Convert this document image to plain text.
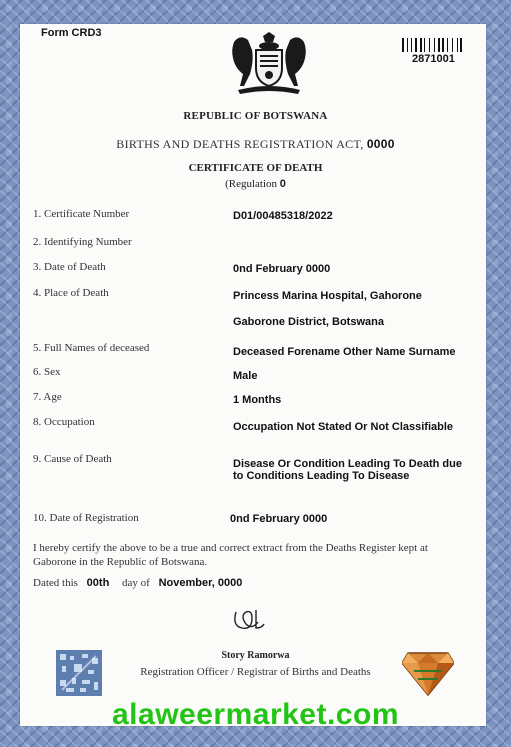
Form CRD3
2871001
REPUBLIC OF BOTSWANA
BIRTHS AND DEATHS REGISTRATION ACT, 0000
CERTIFICATE OF DEATH
(Regulation 0
1. Certificate Number	D01/00485318/2022
2. Identifying Number
3. Date of Death	0nd February 0000
4. Place of Death	Princess Marina Hospital, Gahorone
Gaborone District, Botswana
5. Full Names of deceased	Deceased Forename Other Name Surname
6. Sex	Male
7. Age	1 Months
8. Occupation	Occupation Not Stated Or Not Classifiable
9. Cause of Death	Disease Or Condition Leading To Death due to Conditions Leading To Disease
10. Date of Registration	0nd February 0000
I hereby certify the above to be a true and correct extract from the Deaths Register kept at Gaborone in the Republic of Botswana.
Dated this 00th day of November, 0000
Story Ramorwa
Registration Officer / Registrar of Births and Deaths
alaweermarket.com
